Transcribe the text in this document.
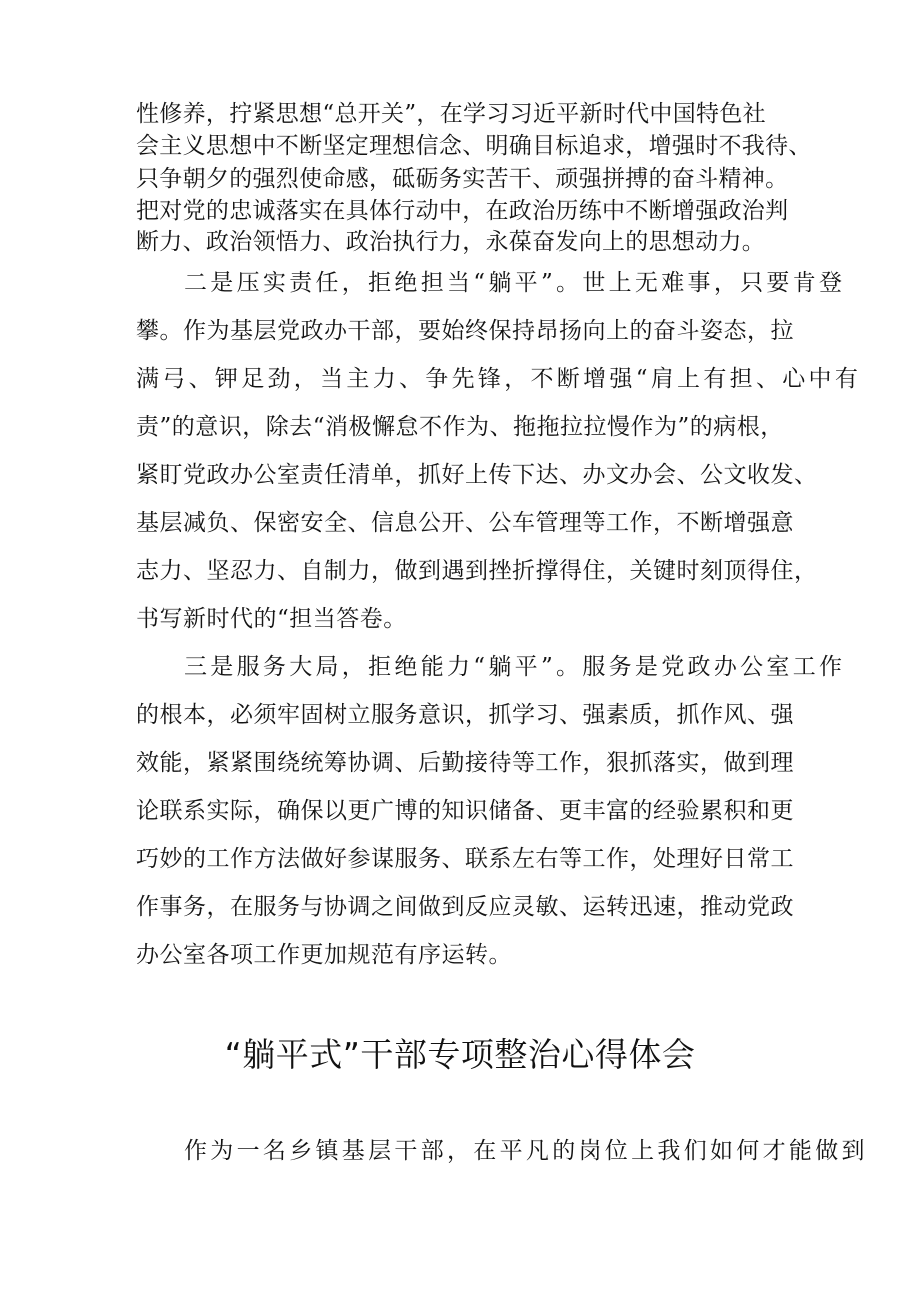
性修养，拧紧思想“总开关”，在学习习近平新时代中国特色社
会主义思想中不断坚定理想信念、明确目标追求，增强时不我待、
只争朝夕的强烈使命感，砥砺务实苦干、顽强拼搏的奋斗精神。
把对党的忠诚落实在具体行动中，在政治历练中不断增强政治判
断力、政治领悟力、政治执行力，永葆奋发向上的思想动力。
二是压实责任，拒绝担当“躺平”。世上无难事，只要肯登
攀。作为基层党政办干部，要始终保持昂扬向上的奋斗姿态，拉
满弓、钾足劲，当主力、争先锋，不断增强“肩上有担、心中有
责”的意识，除去“消极懈怠不作为、拖拖拉拉慢作为”的病根，
紧盯党政办公室责任清单，抓好上传下达、办文办会、公文收发、
基层减负、保密安全、信息公开、公车管理等工作，不断增强意
志力、坚忍力、自制力，做到遇到挫折撑得住，关键时刻顶得住，
书写新时代的“担当答卷。
三是服务大局，拒绝能力“躺平”。服务是党政办公室工作
的根本，必须牢固树立服务意识，抓学习、强素质，抓作风、强
效能，紧紧围绕统筹协调、后勤接待等工作，狠抓落实，做到理
论联系实际，确保以更广博的知识储备、更丰富的经验累积和更
巧妙的工作方法做好参谋服务、联系左右等工作，处理好日常工
作事务，在服务与协调之间做到反应灵敏、运转迅速，推动党政
办公室各项工作更加规范有序运转。
“躺平式”干部专项整治心得体会
作为一名乡镇基层干部，在平凡的岗位上我们如何才能做到
